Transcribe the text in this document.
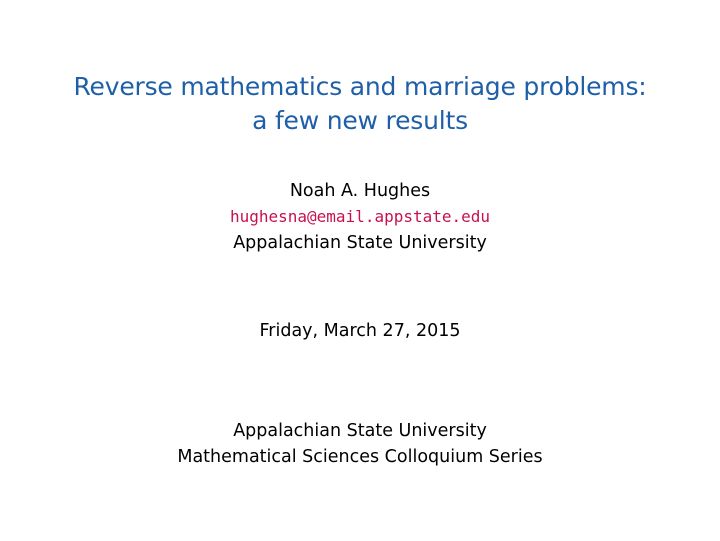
Reverse mathematics and marriage problems:
a few new results
Noah A. Hughes
hughesna@email.appstate.edu
Appalachian State University
Friday, March 27, 2015
Appalachian State University
Mathematical Sciences Colloquium Series
